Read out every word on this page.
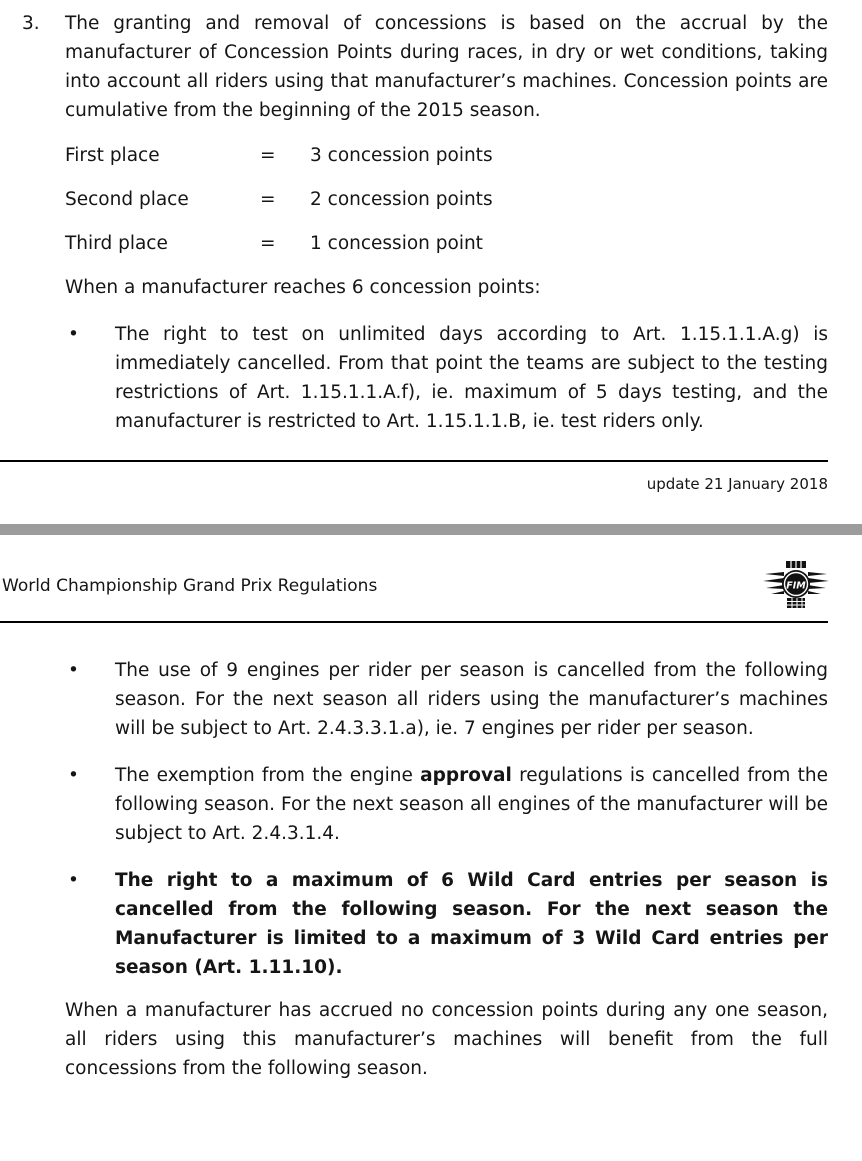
3.	The granting and removal of concessions is based on the accrual by the manufacturer of Concession Points during races, in dry or wet conditions, taking into account all riders using that manufacturer’s machines. Concession points are cumulative from the beginning of the 2015 season.
First place	=	3 concession points
Second place	=	2 concession points
Third place	=	1 concession point
When a manufacturer reaches 6 concession points:
•	The right to test on unlimited days according to Art. 1.15.1.1.A.g) is immediately cancelled. From that point the teams are subject to the testing restrictions of Art. 1.15.1.1.A.f), ie. maximum of 5 days testing, and the manufacturer is restricted to Art. 1.15.1.1.B, ie. test riders only.
update 21 January 2018
World Championship Grand Prix Regulations	FIM
•	The use of 9 engines per rider per season is cancelled from the following season. For the next season all riders using the manufacturer’s machines will be subject to Art. 2.4.3.3.1.a), ie. 7 engines per rider per season.
•	The exemption from the engine approval regulations is cancelled from the following season. For the next season all engines of the manufacturer will be subject to Art. 2.4.3.1.4.
•	The right to a maximum of 6 Wild Card entries per season is cancelled from the following season. For the next season the Manufacturer is limited to a maximum of 3 Wild Card entries per season (Art. 1.11.10).
When a manufacturer has accrued no concession points during any one season, all riders using this manufacturer’s machines will benefit from the full concessions from the following season.
